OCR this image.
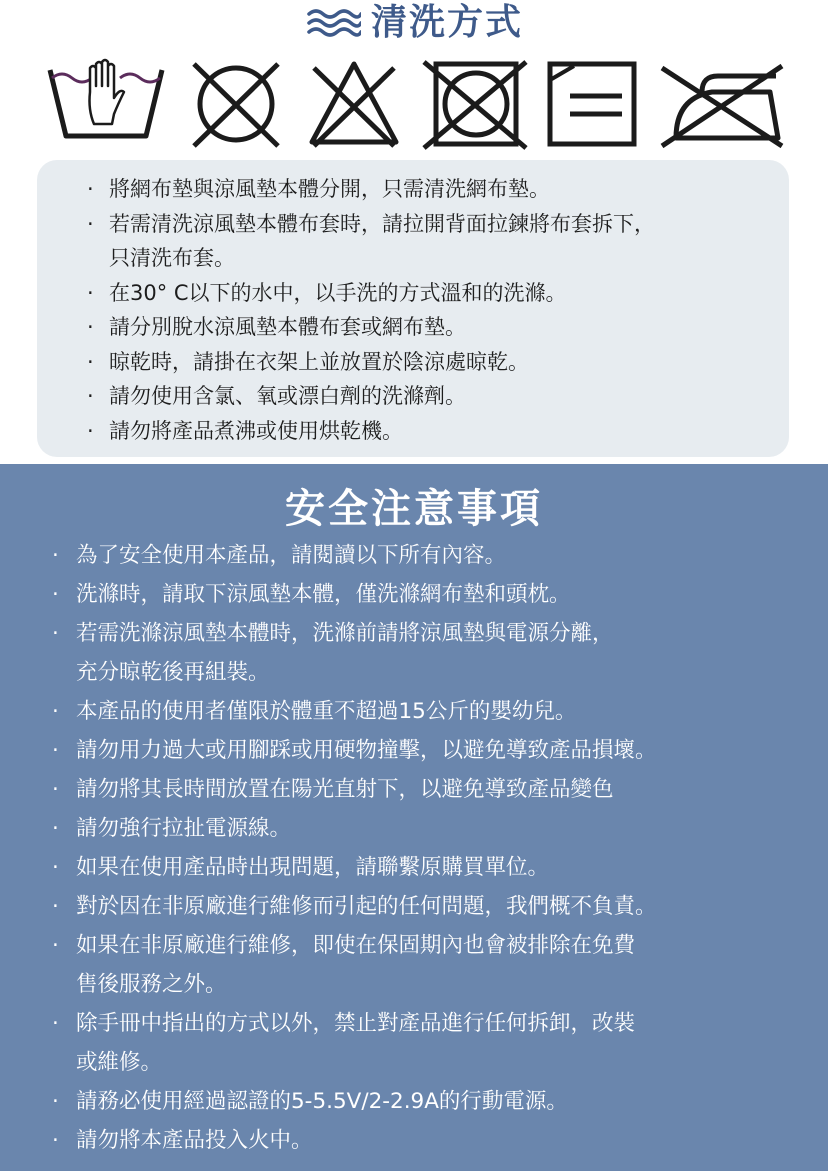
清洗方式
· 將網布墊與涼風墊本體分開，只需清洗網布墊。
· 若需清洗涼風墊本體布套時，請拉開背面拉鍊將布套拆下，
只清洗布套。
· 在30° C以下的水中，以手洗的方式溫和的洗滌。
· 請分別脫水涼風墊本體布套或網布墊。
· 晾乾時，請掛在衣架上並放置於陰涼處晾乾。
· 請勿使用含氯、氧或漂白劑的洗滌劑。
· 請勿將產品煮沸或使用烘乾機。
安全注意事項
· 為了安全使用本產品，請閱讀以下所有內容。
· 洗滌時，請取下涼風墊本體，僅洗滌網布墊和頭枕。
· 若需洗滌涼風墊本體時，洗滌前請將涼風墊與電源分離，
充分晾乾後再組裝。
· 本產品的使用者僅限於體重不超過15公斤的嬰幼兒。
· 請勿用力過大或用腳踩或用硬物撞擊，以避免導致產品損壞。
· 請勿將其長時間放置在陽光直射下，以避免導致產品變色
· 請勿強行拉扯電源線。
· 如果在使用產品時出現問題，請聯繫原購買單位。
· 對於因在非原廠進行維修而引起的任何問題，我們概不負責。
· 如果在非原廠進行維修，即使在保固期內也會被排除在免費
售後服務之外。
· 除手冊中指出的方式以外，禁止對產品進行任何拆卸，改裝
或維修。
· 請務必使用經過認證的5-5.5V/2-2.9A的行動電源。
· 請勿將本產品投入火中。
